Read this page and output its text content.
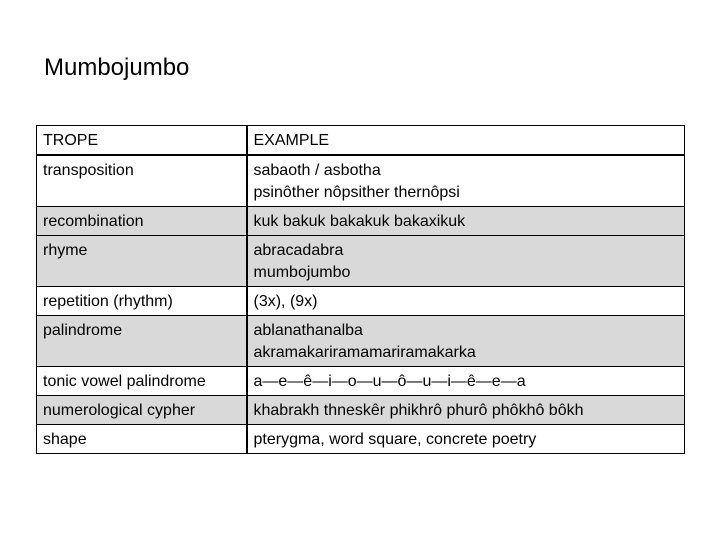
Mumbojumbo
TROPE	EXAMPLE
transposition	sabaoth / asbotha
psinôther nôpsither thernôpsi

recombination	kuk bakuk bakakuk bakaxikuk

rhyme	abracadabra
mumbojumbo

repetition (rhythm)	(3x), (9x)

palindrome	ablanathanalba
akramakariramamariramakarka

tonic vowel palindrome	a—e—ê—i—o—u—ô—u—i—ê—e—a

numerological cypher	khabrakh thneskêr phikhrô phurô phôkhô bôkh

shape	pterygma, word square, concrete poetry
